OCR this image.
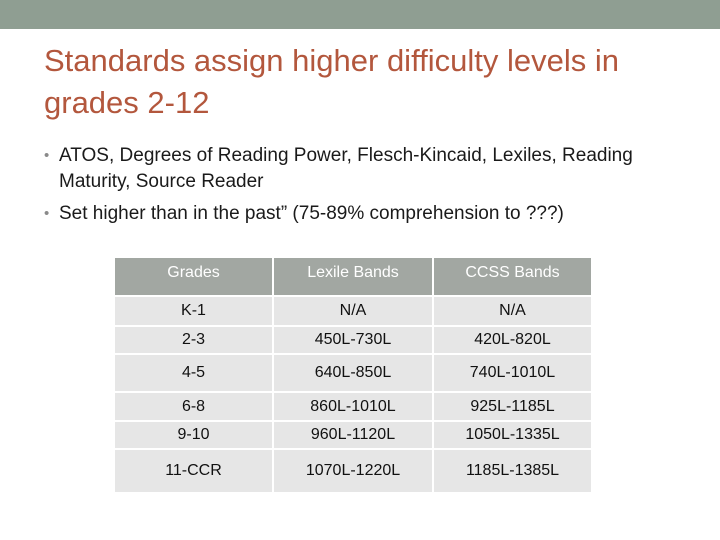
Standards assign higher difficulty levels in grades 2-12
• ATOS, Degrees of Reading Power, Flesch-Kincaid, Lexiles, Reading Maturity, Source Reader
• Set higher than in the past” (75-89% comprehension to ???)
Grades	Lexile Bands	CCSS Bands
K-1	N/A	N/A
2-3	450L-730L	420L-820L
4-5	640L-850L	740L-1010L
6-8	860L-1010L	925L-1185L
9-10	960L-1120L	1050L-1335L
11-CCR	1070L-1220L	1185L-1385L
